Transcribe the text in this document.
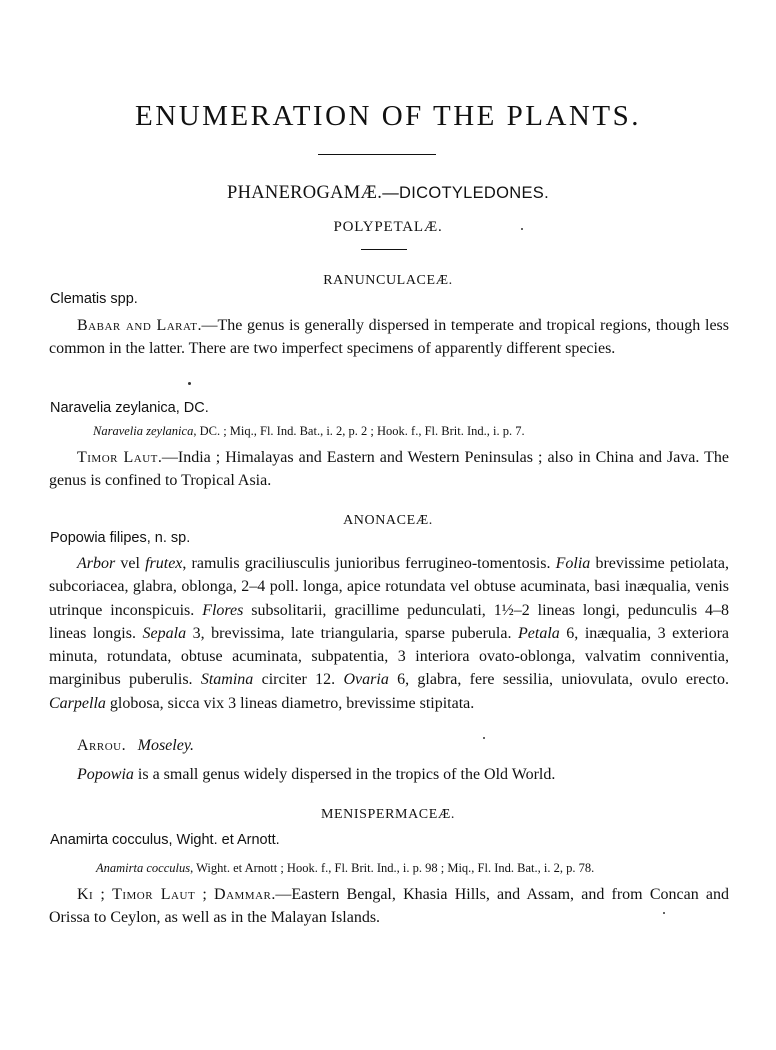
ENUMERATION OF THE PLANTS.
PHANEROGAMÆ.—DICOTYLEDONES.
POLYPETALÆ.
RANUNCULACEÆ.

Clematis spp.

Babar and Larat.—The genus is generally dispersed in temperate and tropical regions, though less common in the latter. There are two imperfect specimens of apparently different species.

Naravelia zeylanica, DC.

Naravelia zeylanica, DC. ; Miq., Fl. Ind. Bat., i. 2, p. 2 ; Hook. f., Fl. Brit. Ind., i. p. 7.

Timor Laut.—India ; Himalayas and Eastern and Western Peninsulas ; also in China and Java. The genus is confined to Tropical Asia.

ANONACEÆ.

Popowia filipes, n. sp.

Arbor vel frutex, ramulis graciliusculis junioribus ferrugineo-tomentosis. Folia brevissime petiolata, subcoriacea, glabra, oblonga, 2–4 poll. longa, apice rotundata vel obtuse acuminata, basi inæqualia, venis utrinque inconspicuis. Flores subsolitarii, gracillime pedunculati, 1½–2 lineas longi, pedunculis 4–8 lineas longis. Sepala 3, brevissima, late triangularia, sparse puberula. Petala 6, inæqualia, 3 exteriora minuta, rotundata, obtuse acuminata, subpatentia, 3 interiora ovato-oblonga, valvatim conniventia, marginibus puberulis. Stamina circiter 12. Ovaria 6, glabra, fere sessilia, uniovulata, ovulo erecto. Carpella globosa, sicca vix 3 lineas diametro, brevissime stipitata.

Arrou.   Moseley.

Popowia is a small genus widely dispersed in the tropics of the Old World.

MENISPERMACEÆ.

Anamirta cocculus, Wight. et Arnott.

Anamirta cocculus, Wight. et Arnott ; Hook. f., Fl. Brit. Ind., i. p. 98 ; Miq., Fl. Ind. Bat., i. 2, p. 78.

Ki ; Timor Laut ; Dammar.—Eastern Bengal, Khasia Hills, and Assam, and from Concan and Orissa to Ceylon, as well as in the Malayan Islands.
